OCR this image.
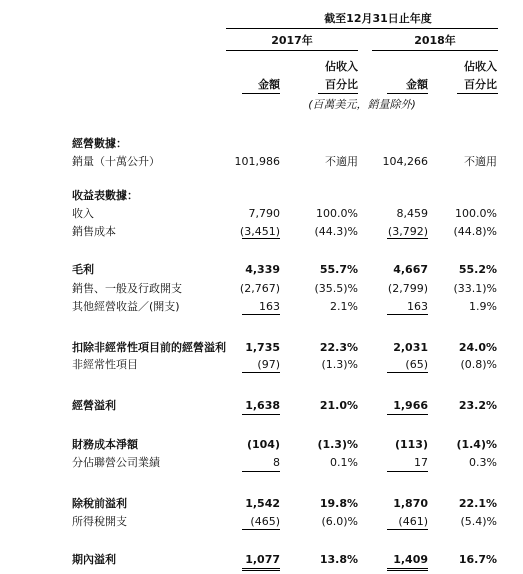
截至12月31日止年度
2017年	2018年
佔收入	佔收入
金額	百分比	金額	百分比
(百萬美元，銷量除外)
經營數據：
收益表數據：
銷量（十萬公升）	101,986	不適用 104,266	不適用
收入	7,790	100.0%	8,459 100.0%
銷售成本	(3,451)	(44.3)%	(3,792) (44.8)%
毛利	4,339	55.7%	4,667	55.2%
銷售、一般及行政開支	(2,767)	(35.5)%	(2,799) (33.1)%
其他經營收益／(開支)	163	2.1%	163	1.9%
扣除非經常性項目前的經營溢利 1,735	22.3%	2,031	24.0%
非經常性項目	(97)	(1.3)%	(65)	(0.8)%
經營溢利	1,638	21.0%	1,966	23.2%
財務成本淨額	(104)	(1.3)%	(113)	(1.4)%
分佔聯營公司業績	8	0.1%	17	0.3%
除稅前溢利	1,542	19.8%	1,870	22.1%
所得稅開支	(465)	(6.0)%	(461)	(5.4)%
期內溢利	1,077	13.8%	1,409	16.7%
